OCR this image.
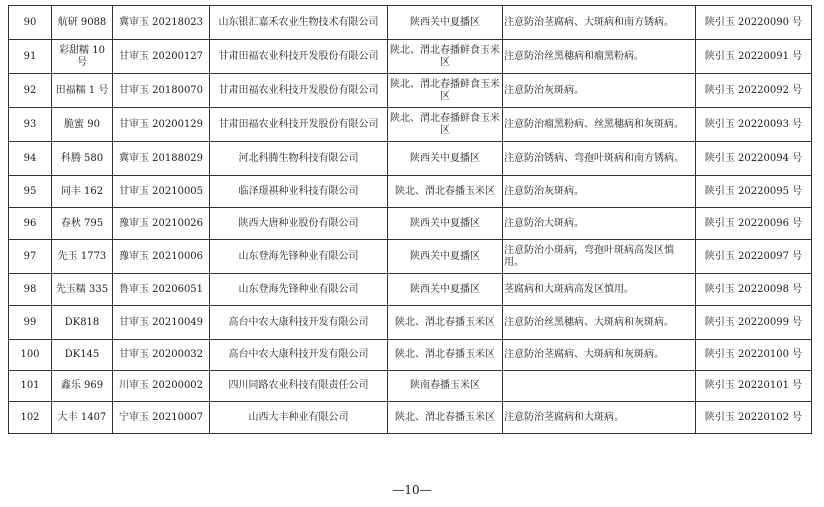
90	航研 9088	冀审玉 20218023	山东银汇嘉禾农业生物技术有限公司	陕西关中夏播区	注意防治茎腐病、大斑病和南方锈病。	陕引玉 20220090 号
91	彩甜糯 10 号	甘审玉 20200127	甘肃田福农业科技开发股份有限公司	陕北、渭北春播鲜食玉米区	注意防治丝黑穗病和瘤黑粉病。	陕引玉 20220091 号
92	田福糯 1 号	甘审玉 20180070	甘肃田福农业科技开发股份有限公司	陕北、渭北春播鲜食玉米区	注意防治灰斑病。	陕引玉 20220092 号
93	脆蜜 90	甘审玉 20200129	甘肃田福农业科技开发股份有限公司	陕北、渭北春播鲜食玉米区	注意防治瘤黑粉病、丝黑穗病和灰斑病。	陕引玉 20220093 号
94	科腾 580	冀审玉 20188029	河北科腾生物科技有限公司	陕西关中夏播区	注意防治锈病、弯孢叶斑病和南方锈病。	陕引玉 20220094 号
95	同丰 162	甘审玉 20210005	临泽璟祺种业科技有限公司	陕北、渭北春播玉米区	注意防治灰斑病。	陕引玉 20220095 号
96	春秋 795	豫审玉 20210026	陕西大唐种业股份有限公司	陕西关中夏播区	注意防治大斑病。	陕引玉 20220096 号
97	先玉 1773	豫审玉 20210006	山东登海先锋种业有限公司	陕西关中夏播区	注意防治小斑病，弯孢叶斑病高发区慎用。	陕引玉 20220097 号
98	先玉糯 335	鲁审玉 20206051	山东登海先锋种业有限公司	陕西关中夏播区	茎腐病和大斑病高发区慎用。	陕引玉 20220098 号
99	DK818	甘审玉 20210049	高台中农大康科技开发有限公司	陕北、渭北春播玉米区	注意防治丝黑穗病、大斑病和灰斑病。	陕引玉 20220099 号
100	DK145	甘审玉 20200032	高台中农大康科技开发有限公司	陕北、渭北春播玉米区	注意防治茎腐病、大斑病和灰斑病。	陕引玉 20220100 号
101	鑫乐 969	川审玉 20200002	四川同路农业科技有限责任公司	陕南春播玉米区		陕引玉 20220101 号
102	大丰 1407	宁审玉 20210007	山西大丰种业有限公司	陕北、渭北春播玉米区	注意防治茎腐病和大斑病。	陕引玉 20220102 号
—10—
